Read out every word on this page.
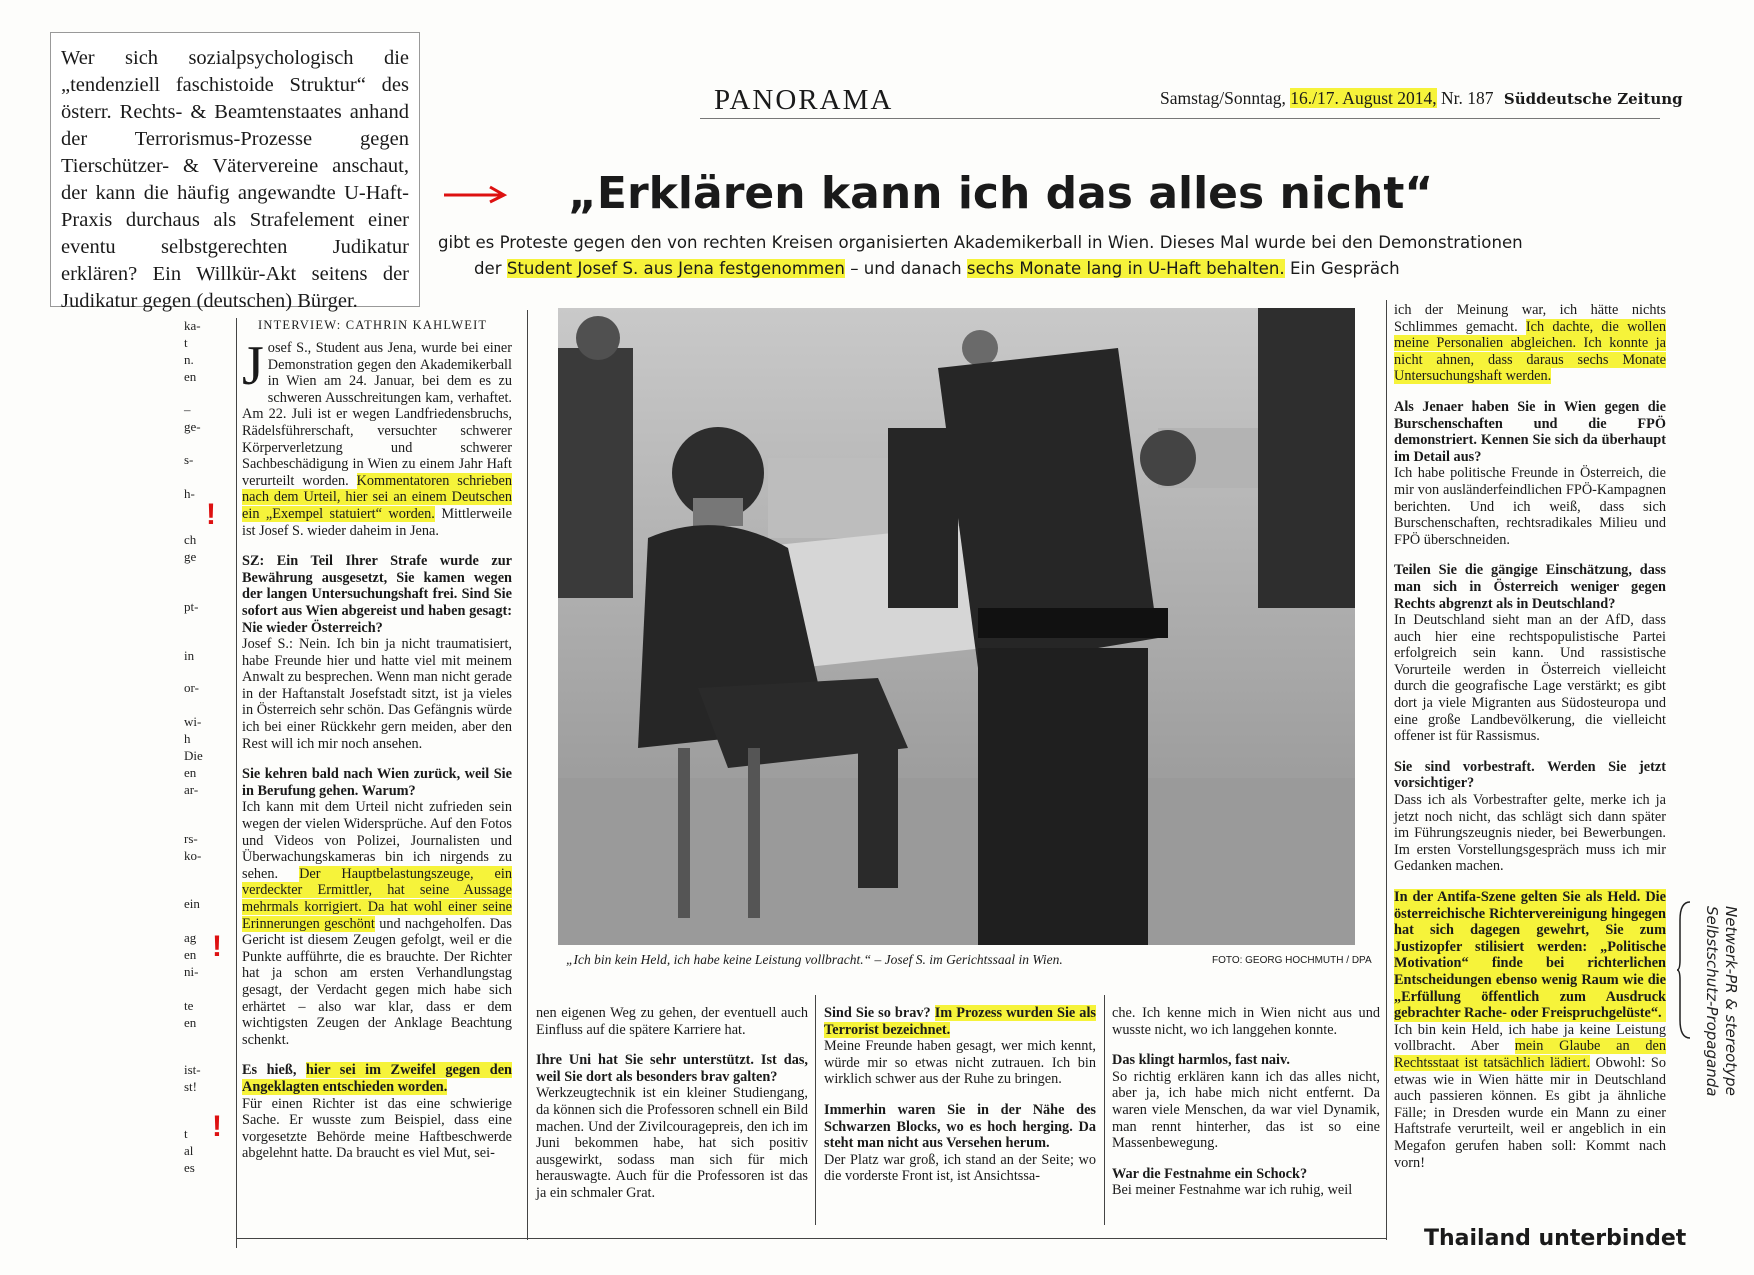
Wer sich sozialpsychologisch die „tendenziell faschistoide Struktur“ des österr. Rechts- & Beamtenstaates anhand der Terrorismus-Prozesse gegen Tierschützer- & Vätervereine anschaut, der kann die häufig angewandte U-Haft-Praxis durchaus als Strafelement einer eventu selbstgerechten Judikatur erklären? Ein Willkür-Akt seitens der Judikatur gegen (deutschen) Bürger.
PANORAMA	Samstag/Sonntag, 16./17. August 2014, Nr. 187 Süddeutsche Zeitung
„Erklären kann ich das alles nicht“
gibt es Proteste gegen den von rechten Kreisen organisierten Akademikerball in Wien. Dieses Mal wurde bei den Demonstrationen
der Student Josef S. aus Jena festgenommen – und danach sechs Monate lang in U-Haft behalten. Ein Gespräch
ka-
t
n.
en
–
ge-
s-
h-
ch
ge
pt-
in
or-
wi-
h
Die
en
ar-
rs-
ko-
ein
ag
en
ni-
te
en
ist-
st!
t
al
es
!
!
!
INTERVIEW: CATHRIN KAHLWEIT

J osef S., Student aus Jena, wurde bei einer Demonstration gegen den Akademikerball in Wien am 24. Januar, bei dem es zu schweren Ausschreitungen kam, verhaftet. Am 22. Juli ist er wegen Landfriedensbruchs, Rädelsführerschaft, versuchter schwerer Körperverletzung und schwerer Sachbeschädigung in Wien zu einem Jahr Haft verurteilt worden. Kommentatoren schrieben nach dem Urteil, hier sei an einem Deutschen ein „Exempel statuiert“ worden. Mittlerweile ist Josef S. wieder daheim in Jena.

SZ: Ein Teil Ihrer Strafe wurde zur Bewährung ausgesetzt, Sie kamen wegen der langen Untersuchungshaft frei. Sind Sie sofort aus Wien abgereist und haben gesagt: Nie wieder Österreich?
Josef S.: Nein. Ich bin ja nicht traumatisiert, habe Freunde hier und hatte viel mit meinem Anwalt zu besprechen. Wenn man nicht gerade in der Haftanstalt Josefstadt sitzt, ist ja vieles in Österreich sehr schön. Das Gefängnis würde ich bei einer Rückkehr gern meiden, aber den Rest will ich mir noch ansehen.

Sie kehren bald nach Wien zurück, weil Sie in Berufung gehen. Warum?
Ich kann mit dem Urteil nicht zufrieden sein wegen der vielen Widersprüche. Auf den Fotos und Videos von Polizei, Journalisten und Überwachungskameras bin ich nirgends zu sehen. Der Hauptbelastungszeuge, ein verdeckter Ermittler, hat seine Aussage mehrmals korrigiert. Da hat wohl einer seine Erinnerungen geschönt und nachgeholfen. Das Gericht ist diesem Zeugen gefolgt, weil er die Punkte aufführte, die es brauchte. Der Richter hat ja schon am ersten Verhandlungstag gesagt, der Verdacht gegen mich habe sich erhärtet – also war klar, dass er dem wichtigsten Zeugen der Anklage Beachtung schenkt.

Es hieß, hier sei im Zweifel gegen den Angeklagten entschieden worden.
Für einen Richter ist das eine schwierige Sache. Er wusste zum Beispiel, dass eine vorgesetzte Behörde meine Haftbeschwerde abgelehnt hatte. Da braucht es viel Mut, sei-

„Ich bin kein Held, ich habe keine Leistung vollbracht.“ – Josef S. im Gerichtssaal in Wien.	FOTO: GEORG HOCHMUTH / DPA

nen eigenen Weg zu gehen, der eventuell auch Einfluss auf die spätere Karriere hat.

Ihre Uni hat Sie sehr unterstützt. Ist das, weil Sie dort als besonders brav galten?
Werkzeugtechnik ist ein kleiner Studiengang, da können sich die Professoren schnell ein Bild machen. Und der Zivilcouragepreis, den ich im Juni bekommen habe, hat sich positiv ausgewirkt, sodass man sich für mich herauswagte. Auch für die Professoren ist das ja ein schmaler Grat.

Sind Sie so brav? Im Prozess wurden Sie als Terrorist bezeichnet.
Meine Freunde haben gesagt, wer mich kennt, würde mir so etwas nicht zutrauen. Ich bin wirklich schwer aus der Ruhe zu bringen.

Immerhin waren Sie in der Nähe des Schwarzen Blocks, wo es hoch herging. Da steht man nicht aus Versehen herum.
Der Platz war groß, ich stand an der Seite; wo die vorderste Front ist, ist Ansichtssa-

che. Ich kenne mich in Wien nicht aus und wusste nicht, wo ich langgehen konnte.

Das klingt harmlos, fast naiv.
So richtig erklären kann ich das alles nicht, aber ja, ich habe mich nicht entfernt. Da waren viele Menschen, da war viel Dynamik, man rennt hinterher, das ist so eine Massenbewegung.

War die Festnahme ein Schock?
Bei meiner Festnahme war ich ruhig, weil

ich der Meinung war, ich hätte nichts Schlimmes gemacht. Ich dachte, die wollen meine Personalien abgleichen. Ich konnte ja nicht ahnen, dass daraus sechs Monate Untersuchungshaft werden.

Als Jenaer haben Sie in Wien gegen die Burschenschaften und die FPÖ demonstriert. Kennen Sie sich da überhaupt im Detail aus?
Ich habe politische Freunde in Österreich, die mir von ausländerfeindlichen FPÖ-Kampagnen berichten. Und ich weiß, dass sich Burschenschaften, rechtsradikales Milieu und FPÖ überschneiden.

Teilen Sie die gängige Einschätzung, dass man sich in Österreich weniger gegen Rechts abgrenzt als in Deutschland?
In Deutschland sieht man an der AfD, dass auch hier eine rechtspopulistische Partei erfolgreich sein kann. Und rassistische Vorurteile werden in Österreich vielleicht durch die geografische Lage verstärkt; es gibt dort ja viele Migranten aus Südosteuropa und eine große Landbevölkerung, die vielleicht offener ist für Rassismus.

Sie sind vorbestraft. Werden Sie jetzt vorsichtiger?
Dass ich als Vorbestrafter gelte, merke ich ja jetzt noch nicht, das schlägt sich dann später im Führungszeugnis nieder, bei Bewerbungen. Im ersten Vorstellungsgespräch muss ich mir Gedanken machen.

In der Antifa-Szene gelten Sie als Held. Die österreichische Richtervereinigung hingegen hat sich dagegen gewehrt, Sie zum Justizopfer stilisiert werden: „Politische Motivation“ finde bei richterlichen Entscheidungen ebenso wenig Raum wie die „Erfüllung öffentlich zum Ausdruck gebrachter Rache- oder Freispruchgelüste“.
Ich bin kein Held, ich habe ja keine Leistung vollbracht. Aber mein Glaube an den Rechtsstaat ist tatsächlich lädiert. Obwohl: So etwas wie in Wien hätte mir in Deutschland auch passieren können. Es gibt ja ähnliche Fälle; in Dresden wurde ein Mann zu einer Haftstrafe verurteilt, weil er angeblich in ein Megafon gerufen haben soll: Kommt nach vorn!

Netwerk-PR & stereotype Selbstschutz-Propaganda
Thailand unterbindet
